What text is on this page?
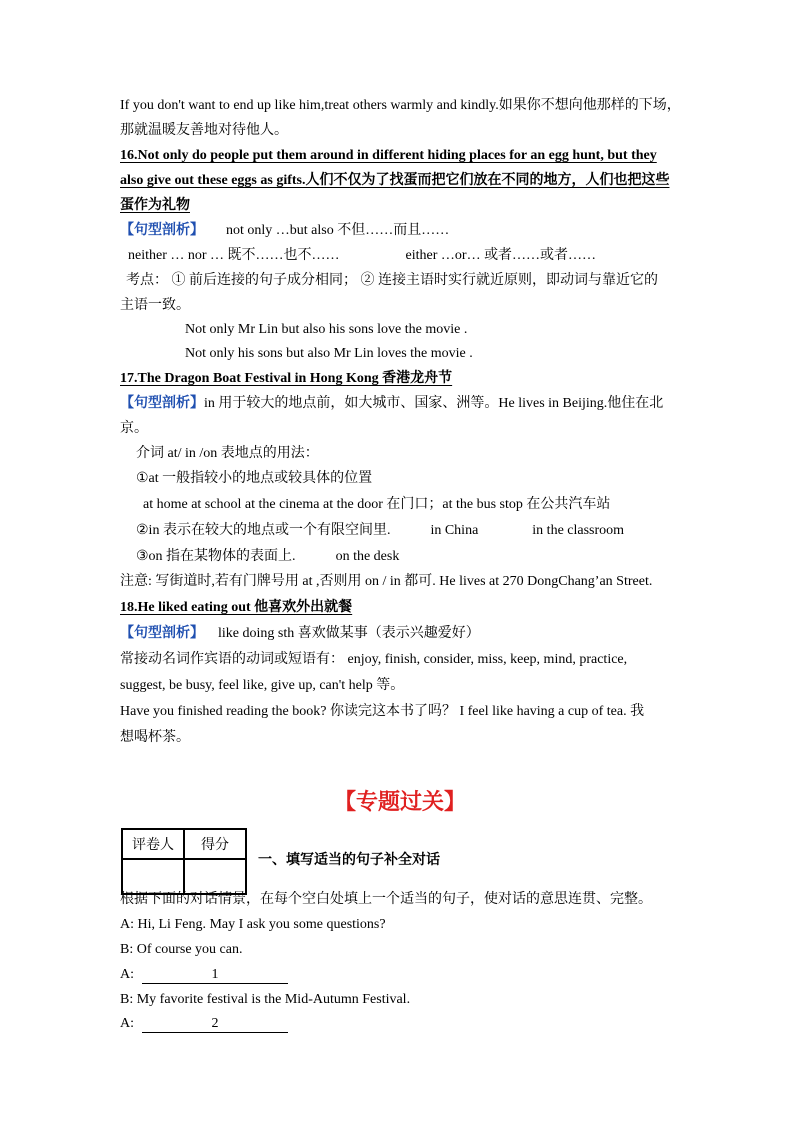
If you don't want to end up like him,treat others warmly and kindly.如果你不想向他那样的下场，
那就温暖友善地对待他人。
16.Not only do people put them around in different hiding places for an egg hunt, but they
also give out these eggs as gifts.人们不仅为了找蛋而把它们放在不同的地方，人们也把这些
蛋作为礼物
【句型剖析】 not only …but also 不但……而且……
neither … nor … 既不……也不……	either …or… 或者……或者……
考点： ① 前后连接的句子成分相同； ② 连接主语时实行就近原则，即动词与靠近它的
主语一致。
Not only Mr Lin but also his sons love the movie .
Not only his sons but also Mr Lin loves the movie .
17.The Dragon Boat Festival in Hong Kong 香港龙舟节
【句型剖析】in 用于较大的地点前，如大城市、国家、洲等。He lives in Beijing.他住在北
京。
介词 at/ in /on 表地点的用法：
①at 一般指较小的地点或较具体的位置
at home at school at the cinema at the door 在门口；at the bus stop 在公共汽车站
②in 表示在较大的地点或一个有限空间里.	in China	in the classroom
③on 指在某物体的表面上.	on the desk
注意: 写街道时,若有门牌号用 at ,否则用 on / in 都可. He lives at 270 DongChang’an Street.
18.He liked eating out 他喜欢外出就餐
【句型剖析】 like doing sth 喜欢做某事（表示兴趣爱好）
常接动名词作宾语的动词或短语有： enjoy, finish, consider, miss, keep, mind, practice,
suggest, be busy, feel like, give up, can't help 等。
Have you finished reading the book? 你读完这本书了吗？ I feel like having a cup of tea. 我
想喝杯茶。
【专题过关】
评卷人	得分

一、填写适当的句子补全对话
根据下面的对话情景，在每个空白处填上一个适当的句子，使对话的意思连贯、完整。
A: Hi, Li Feng. May I ask you some questions?
B: Of course you can.
A:	1
B: My favorite festival is the Mid-Autumn Festival.
A:	2
